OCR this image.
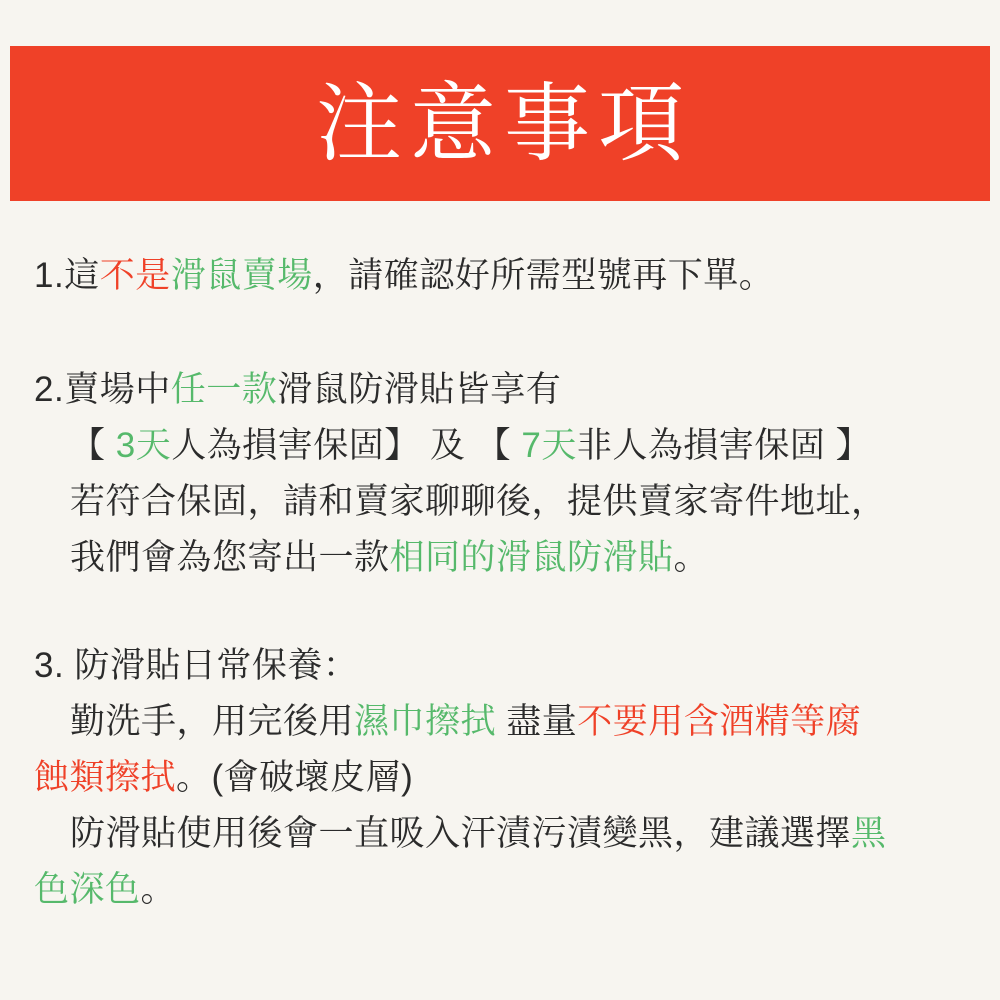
注意事項
1.這不是滑鼠賣場，請確認好所需型號再下單。
2.賣場中任一款滑鼠防滑貼皆享有
【 3天人為損害保固】 及 【 7天非人為損害保固 】
若符合保固，請和賣家聊聊後，提供賣家寄件地址，
我們會為您寄出一款相同的滑鼠防滑貼。
3. 防滑貼日常保養：
勤洗手，用完後用濕巾擦拭 盡量不要用含酒精等腐
蝕類擦拭。(會破壞皮層)
防滑貼使用後會一直吸入汗漬污漬變黑，建議選擇黑
色深色。
